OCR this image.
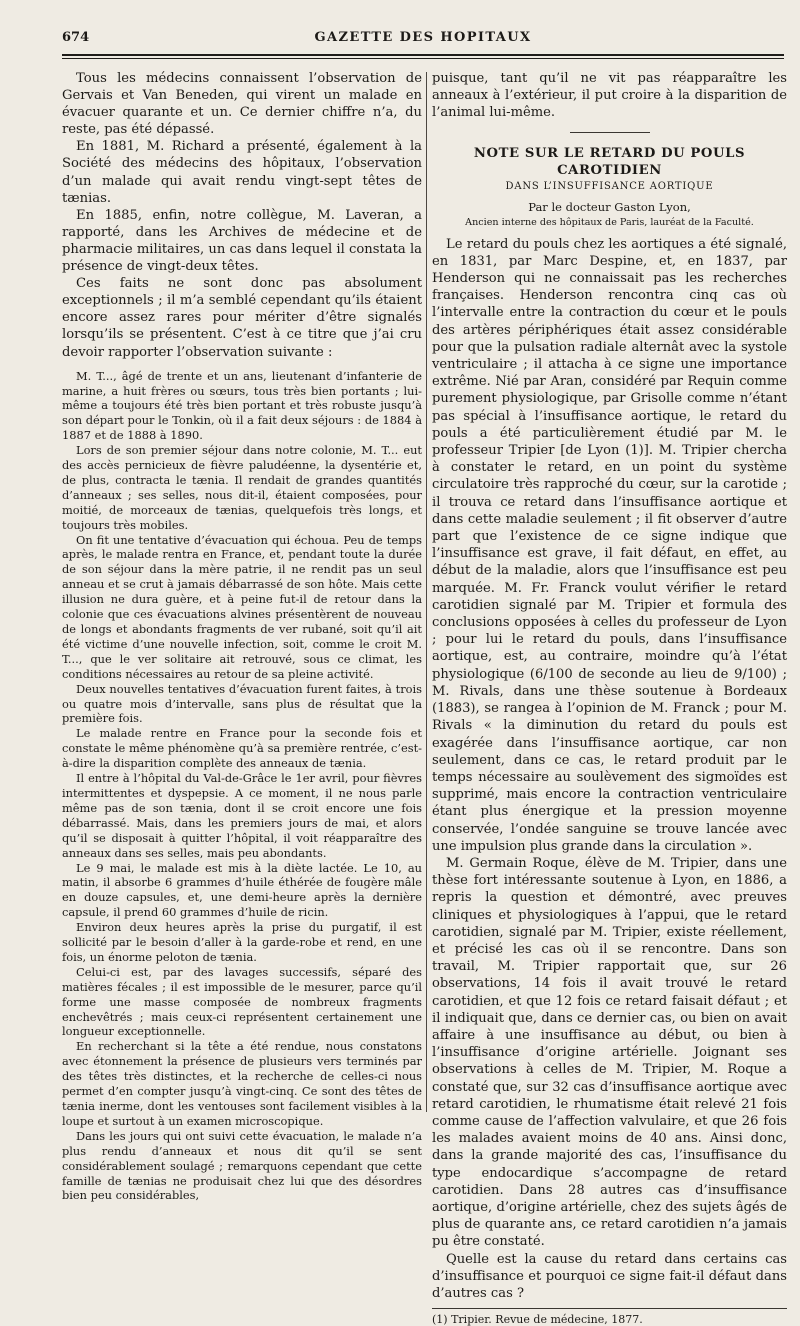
674	GAZETTE DES HOPITAUX

Tous les médecins connaissent l’observation de Gervais et Van Beneden, qui virent un malade en évacuer quarante et un. Ce dernier chiffre n’a, du reste, pas été dépassé.

En 1881, M. Richard a présenté, également à la Société des médecins des hôpitaux, l’observation d’un malade qui avait rendu vingt-sept têtes de tænias.

En 1885, enfin, notre collègue, M. Laveran, a rapporté, dans les Archives de médecine et de pharmacie militaires, un cas dans lequel il constata la présence de vingt-deux têtes.

Ces faits ne sont donc pas absolument exceptionnels ; il m’a semblé cependant qu’ils étaient encore assez rares pour mériter d’être signalés lorsqu’ils se présentent. C’est à ce titre que j’ai cru devoir rapporter l’observation suivante :

M. T..., âgé de trente et un ans, lieutenant d’infanterie de marine, a huit frères ou sœurs, tous très bien portants ; lui-même a toujours été très bien portant et très robuste jusqu’à son départ pour le Tonkin, où il a fait deux séjours : de 1884 à 1887 et de 1888 à 1890.

Lors de son premier séjour dans notre colonie, M. T... eut des accès pernicieux de fièvre paludéenne, la dysentérie et, de plus, contracta le tænia. Il rendait de grandes quantités d’anneaux ; ses selles, nous dit-il, étaient composées, pour moitié, de morceaux de tænias, quelquefois très longs, et toujours très mobiles.

On fit une tentative d’évacuation qui échoua. Peu de temps après, le malade rentra en France, et, pendant toute la durée de son séjour dans la mère patrie, il ne rendit pas un seul anneau et se crut à jamais débarrassé de son hôte. Mais cette illusion ne dura guère, et à peine fut-il de retour dans la colonie que ces évacuations alvines présentèrent de nouveau de longs et abondants fragments de ver rubané, soit qu’il ait été victime d’une nouvelle infection, soit, comme le croit M. T..., que le ver solitaire ait retrouvé, sous ce climat, les conditions nécessaires au retour de sa pleine activité.

Deux nouvelles tentatives d’évacuation furent faites, à trois ou quatre mois d’intervalle, sans plus de résultat que la première fois.

Le malade rentre en France pour la seconde fois et constate le même phénomène qu’à sa première rentrée, c’est-à-dire la disparition complète des anneaux de tænia.

Il entre à l’hôpital du Val-de-Grâce le 1er avril, pour fièvres intermittentes et dyspepsie. A ce moment, il ne nous parle même pas de son tænia, dont il se croit encore une fois débarrassé. Mais, dans les premiers jours de mai, et alors qu’il se disposait à quitter l’hôpital, il voit réapparaître des anneaux dans ses selles, mais peu abondants.

Le 9 mai, le malade est mis à la diète lactée. Le 10, au matin, il absorbe 6 grammes d’huile éthérée de fougère mâle en douze capsules, et, une demi-heure après la dernière capsule, il prend 60 grammes d’huile de ricin.

Environ deux heures après la prise du purgatif, il est sollicité par le besoin d’aller à la garde-robe et rend, en une fois, un énorme peloton de tænia.

Celui-ci est, par des lavages successifs, séparé des matières fécales ; il est impossible de le mesurer, parce qu’il forme une masse composée de nombreux fragments enchevêtrés ; mais ceux-ci représentent certainement une longueur exceptionnelle.

En recherchant si la tête a été rendue, nous constatons avec étonnement la présence de plusieurs vers terminés par des têtes très distinctes, et la recherche de celles-ci nous permet d’en compter jusqu’à vingt-cinq. Ce sont des têtes de tænia inerme, dont les ventouses sont facilement visibles à la loupe et surtout à un examen microscopique.

Dans les jours qui ont suivi cette évacuation, le malade n’a plus rendu d’anneaux et nous dit qu’il se sent considérablement soulagé ; remarquons cependant que cette famille de tænias ne produisait chez lui que des désordres bien peu considérables,

puisque, tant qu’il ne vit pas réapparaître les anneaux à l’extérieur, il put croire à la disparition de l’animal lui-même.

NOTE SUR LE RETARD DU POULS CAROTIDIEN
DANS L’INSUFFISANCE AORTIQUE
Par le docteur Gaston Lyon,
Ancien interne des hôpitaux de Paris, lauréat de la Faculté.

Le retard du pouls chez les aortiques a été signalé, en 1831, par Marc Despine, et, en 1837, par Henderson qui ne connaissait pas les recherches françaises. Henderson rencontra cinq cas où l’intervalle entre la contraction du cœur et le pouls des artères périphériques était assez considérable pour que la pulsation radiale alternât avec la systole ventriculaire ; il attacha à ce signe une importance extrême. Nié par Aran, considéré par Requin comme purement physiologique, par Grisolle comme n’étant pas spécial à l’insuffisance aortique, le retard du pouls a été particulièrement étudié par M. le professeur Tripier [de Lyon (1)]. M. Tripier chercha à constater le retard, en un point du système circulatoire très rapproché du cœur, sur la carotide ; il trouva ce retard dans l’insuffisance aortique et dans cette maladie seulement ; il fit observer d’autre part que l’existence de ce signe indique que l’insuffisance est grave, il fait défaut, en effet, au début de la maladie, alors que l’insuffisance est peu marquée. M. Fr. Franck voulut vérifier le retard carotidien signalé par M. Tripier et formula des conclusions opposées à celles du professeur de Lyon ; pour lui le retard du pouls, dans l’insuffisance aortique, est, au contraire, moindre qu’à l’état physiologique (6/100 de seconde au lieu de 9/100) ; M. Rivals, dans une thèse soutenue à Bordeaux (1883), se rangea à l’opinion de M. Franck ; pour M. Rivals « la diminution du retard du pouls est exagérée dans l’insuffisance aortique, car non seulement, dans ce cas, le retard produit par le temps nécessaire au soulèvement des sigmoïdes est supprimé, mais encore la contraction ventriculaire étant plus énergique et la pression moyenne conservée, l’ondée sanguine se trouve lancée avec une impulsion plus grande dans la circulation ».

M. Germain Roque, élève de M. Tripier, dans une thèse fort intéressante soutenue à Lyon, en 1886, a repris la question et démontré, avec preuves cliniques et physiologiques à l’appui, que le retard carotidien, signalé par M. Tripier, existe réellement, et précisé les cas où il se rencontre. Dans son travail, M. Tripier rapportait que, sur 26 observations, 14 fois il avait trouvé le retard carotidien, et que 12 fois ce retard faisait défaut ; et il indiquait que, dans ce dernier cas, ou bien on avait affaire à une insuffisance au début, ou bien à l’insuffisance d’origine artérielle. Joignant ses observations à celles de M. Tripier, M. Roque a constaté que, sur 32 cas d’insuffisance aortique avec retard carotidien, le rhumatisme était relevé 21 fois comme cause de l’affection valvulaire, et que 26 fois les malades avaient moins de 40 ans. Ainsi donc, dans la grande majorité des cas, l’insuffisance du type endocardique s’accompagne de retard carotidien. Dans 28 autres cas d’insuffisance aortique, d’origine artérielle, chez des sujets âgés de plus de quarante ans, ce retard carotidien n’a jamais pu être constaté.

Quelle est la cause du retard dans certains cas d’insuffisance et pourquoi ce signe fait-il défaut dans d’autres cas ?

(1) Tripier. Revue de médecine, 1877.
